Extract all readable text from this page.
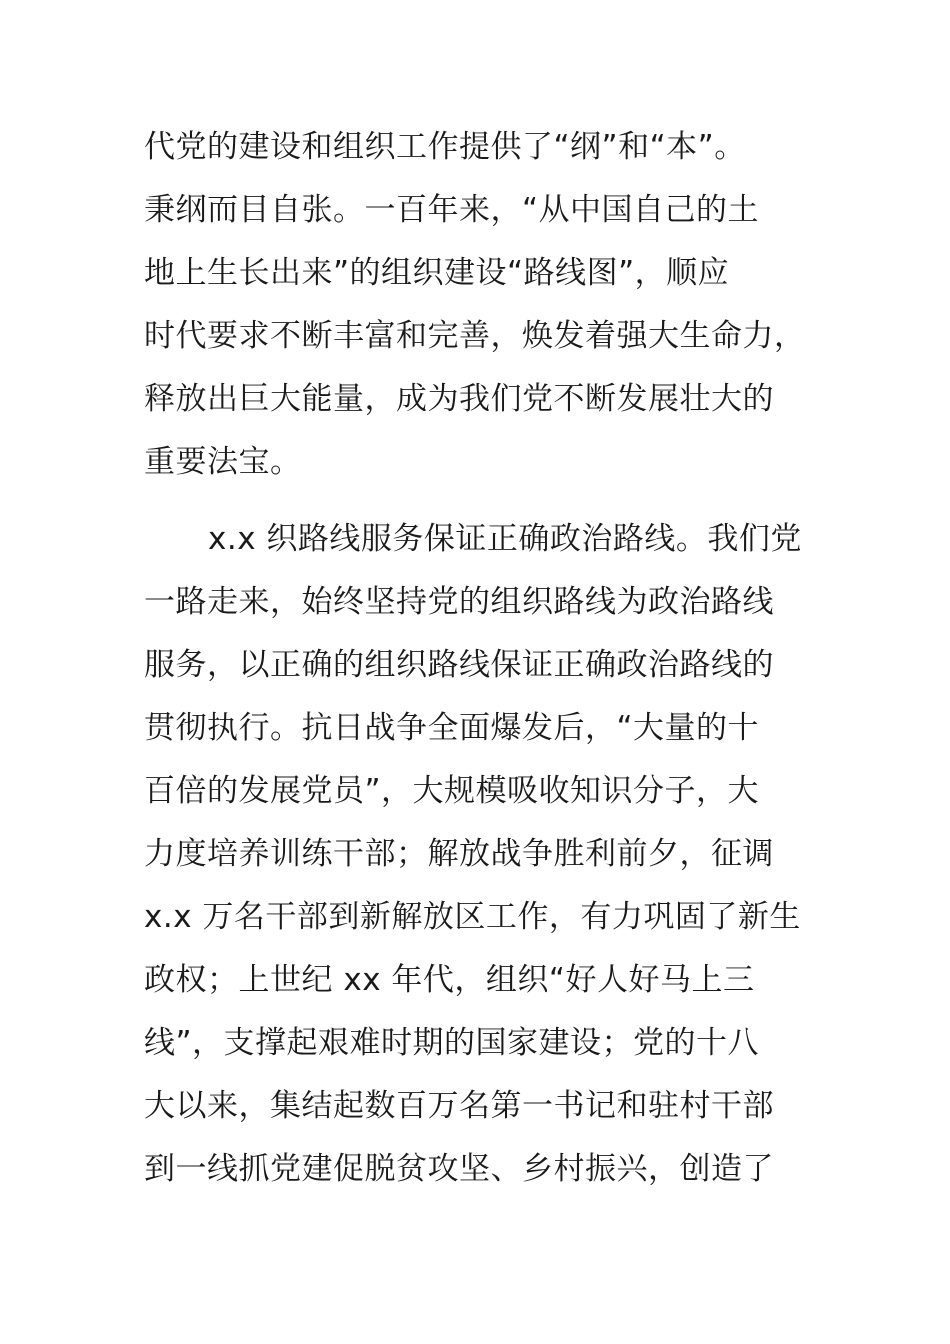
代党的建设和组织工作提供了“纲”和“本”。
秉纲而目自张。一百年来，“从中国自己的土
地上生长出来”的组织建设“路线图”，顺应
时代要求不断丰富和完善，焕发着强大生命力，
释放出巨大能量，成为我们党不断发展壮大的
重要法宝。
x.x 织路线服务保证正确政治路线。我们党
一路走来，始终坚持党的组织路线为政治路线
服务，以正确的组织路线保证正确政治路线的
贯彻执行。抗日战争全面爆发后，“大量的十
百倍的发展党员”，大规模吸收知识分子，大
力度培养训练干部；解放战争胜利前夕，征调
x.x 万名干部到新解放区工作，有力巩固了新生
政权；上世纪 xx 年代，组织“好人好马上三
线”，支撑起艰难时期的国家建设；党的十八
大以来，集结起数百万名第一书记和驻村干部
到一线抓党建促脱贫攻坚、乡村振兴，创造了
